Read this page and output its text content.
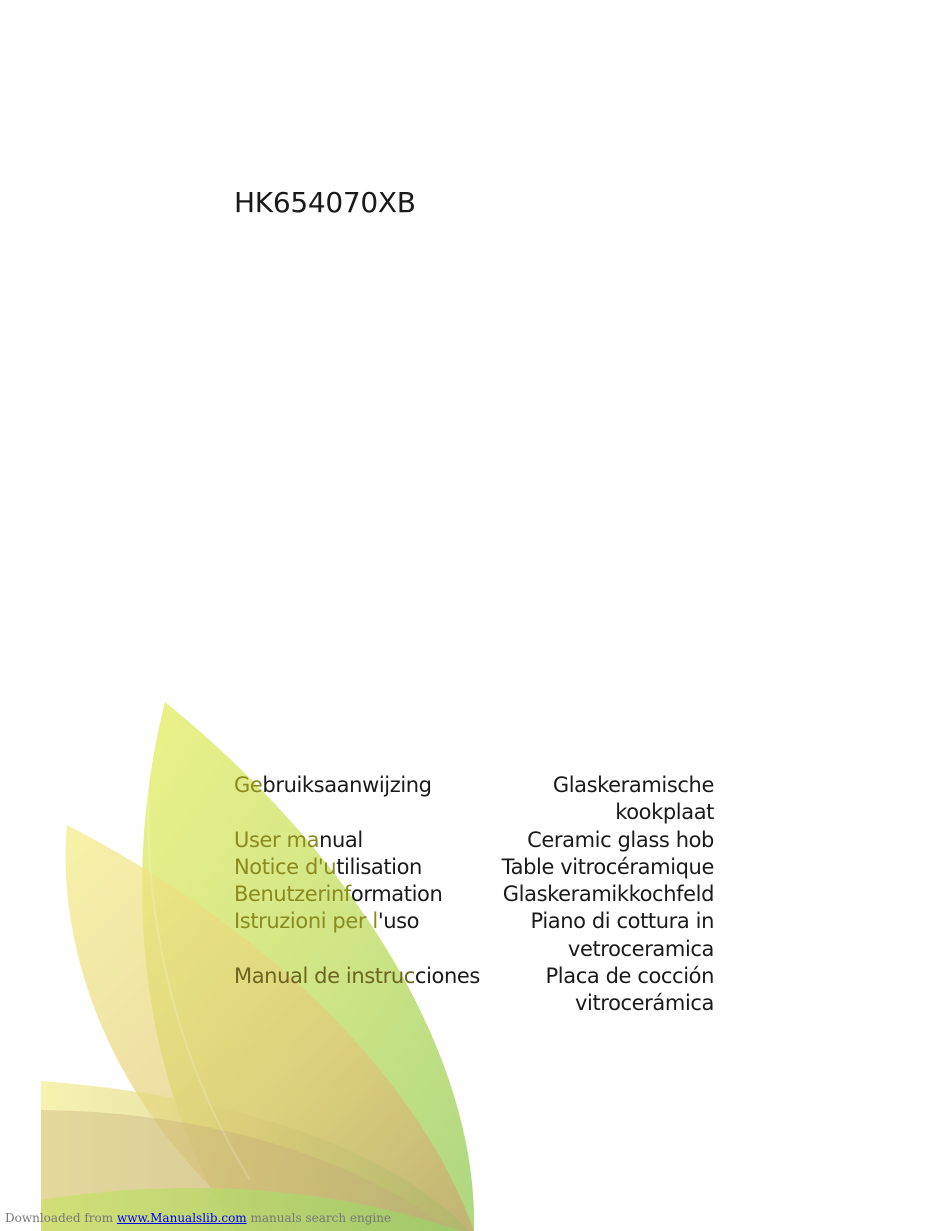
HK654070XB
Gebruiksaanwijzing	Glaskeramische
kookplaat
User manual	Ceramic glass hob
Notice d'utilisation	Table vitrocéramique
Benutzerinformation	Glaskeramikkochfeld
Istruzioni per l'uso	Piano di cottura in
vetroceramica
Manual de instrucciones	Placa de cocción
vitrocerámica
Downloaded from www.Manualslib.com manuals search engine
